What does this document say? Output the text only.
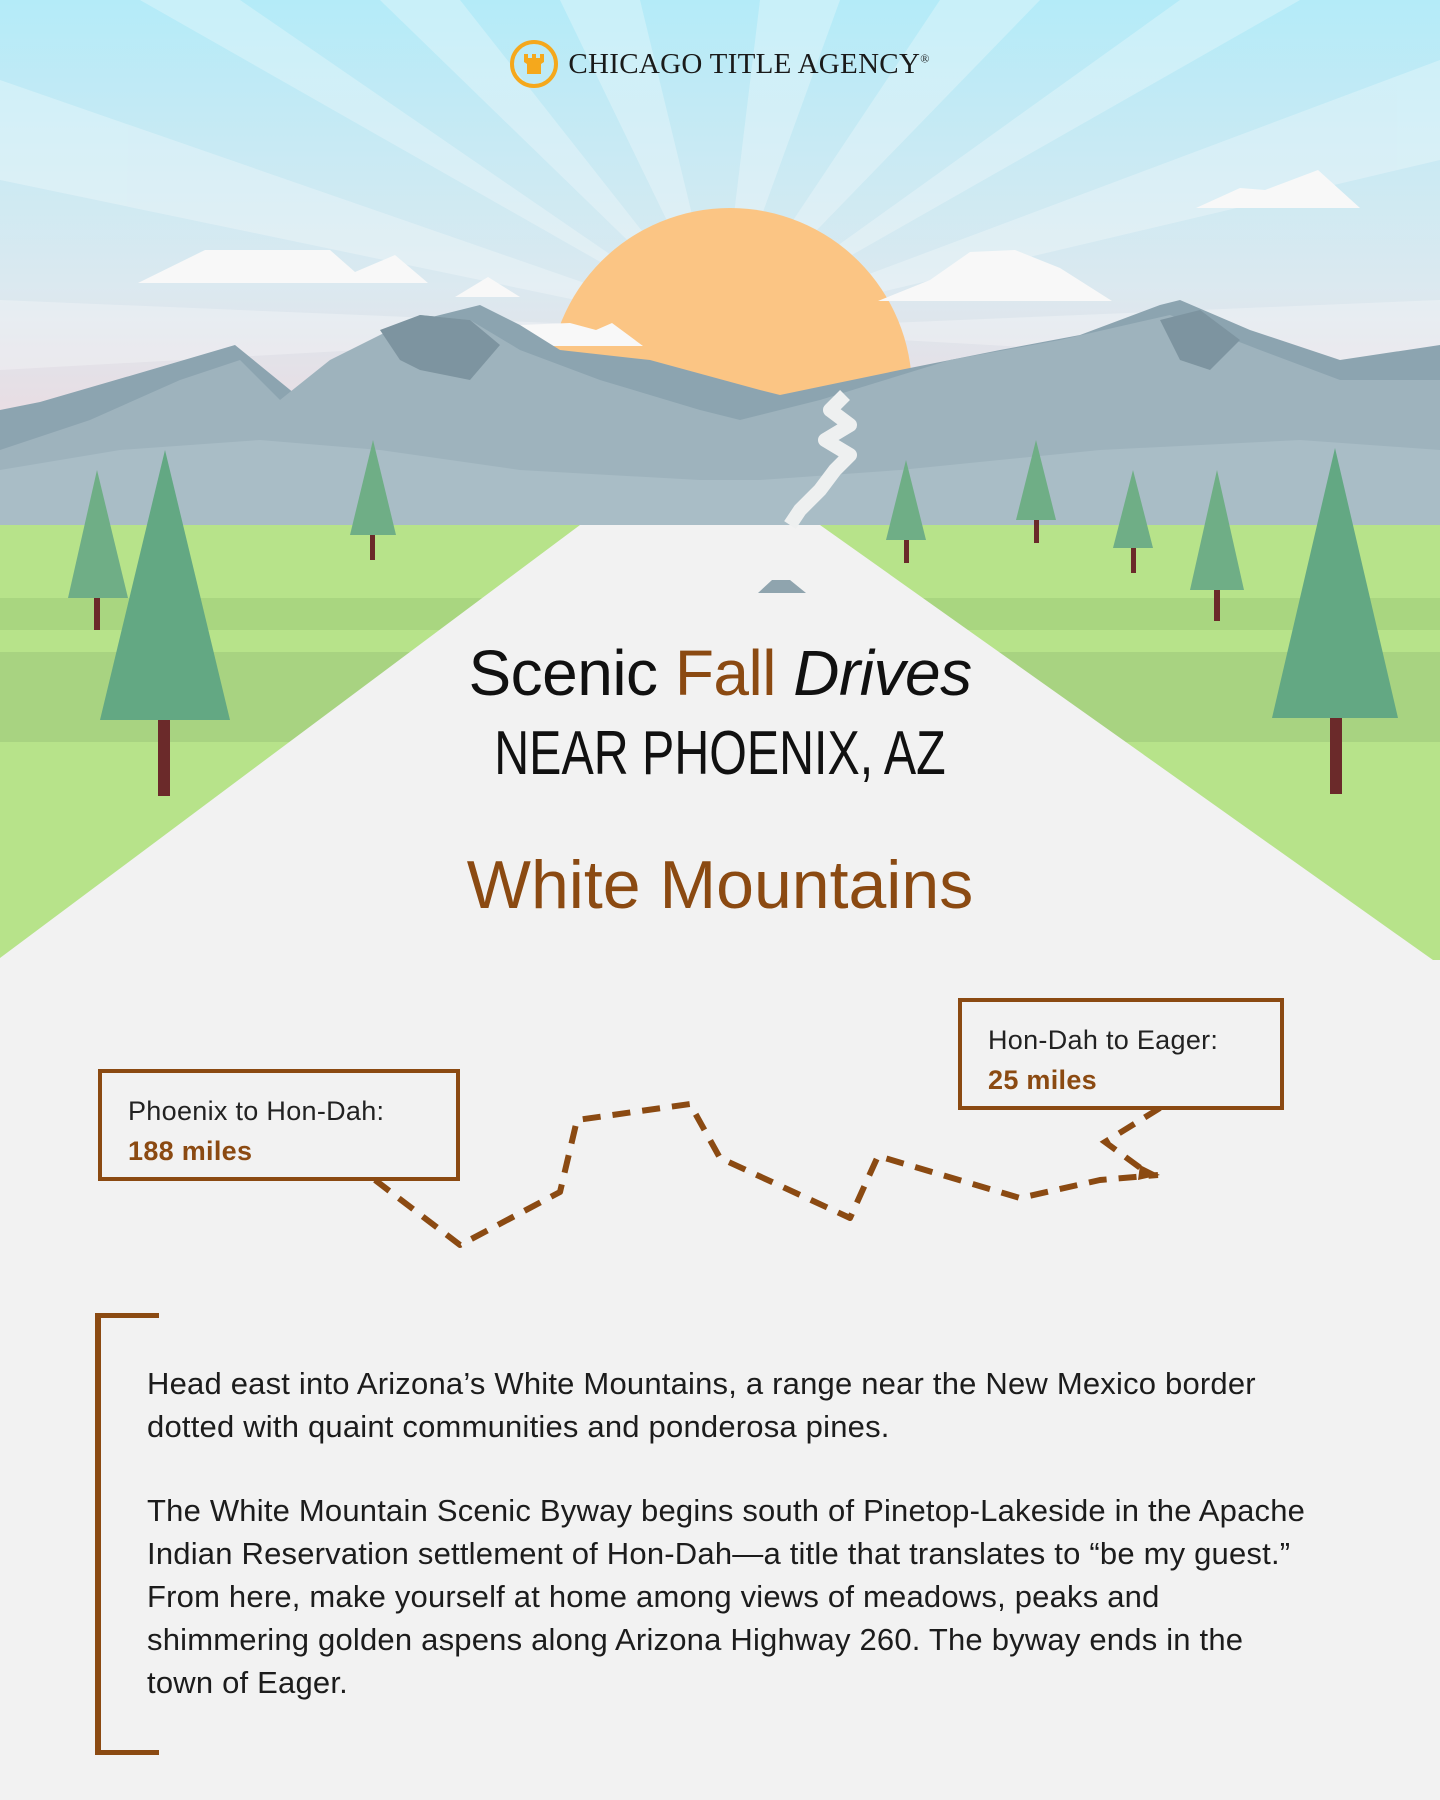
CHICAGO TITLE AGENCY®
Scenic Fall Drives
NEAR PHOENIX, AZ
White Mountains
Phoenix to Hon-Dah:
188 miles
Hon-Dah to Eager:
25 miles

Head east into Arizona’s White Mountains, a range near the New Mexico border dotted with quaint communities and ponderosa pines.

The White Mountain Scenic Byway begins south of Pinetop-Lakeside in the Apache Indian Reservation settlement of Hon-Dah—a title that translates to “be my guest.” From here, make yourself at home among views of meadows, peaks and shimmering golden aspens along Arizona Highway 260. The byway ends in the town of Eager.
